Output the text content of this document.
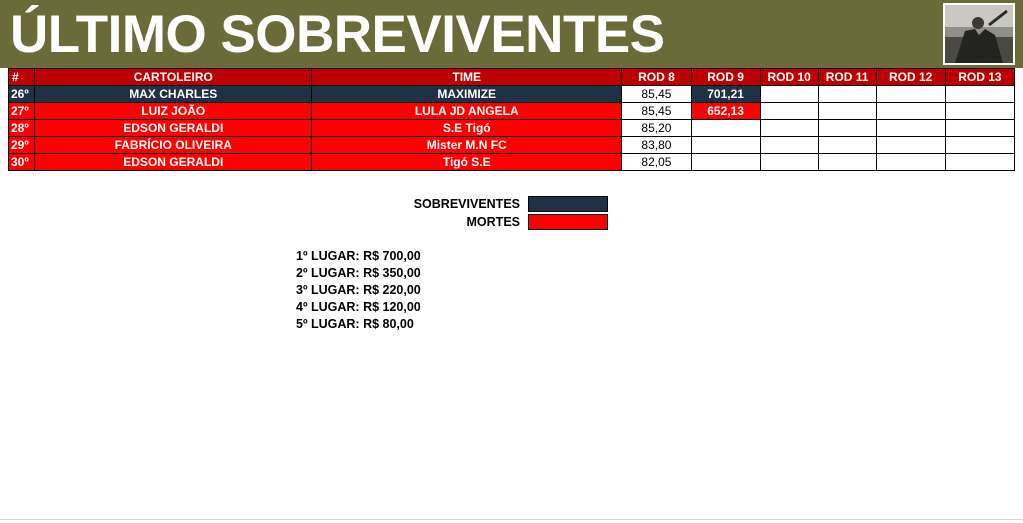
ÚLTIMO SOBREVIVENTES
#	CARTOLEIRO	TIME	ROD 8	ROD 9	ROD 10	ROD 11	ROD 12	ROD 13
26º	MAX CHARLES	MAXIMIZE	85,45	701,21				
27º	LUIZ JOÃO	LULA JD ANGELA	85,45	652,13				
28º	EDSON GERALDI	S.E Tigó	85,20					
29º	FABRÍCIO OLIVEIRA	Mister M.N FC	83,80					
30º	EDSON GERALDI	Tigó S.E	82,05					
SOBREVIVENTES
MORTES
1º LUGAR: R$ 700,00
2º LUGAR: R$ 350,00
3º LUGAR: R$ 220,00
4º LUGAR: R$ 120,00
5º LUGAR: R$ 80,00
